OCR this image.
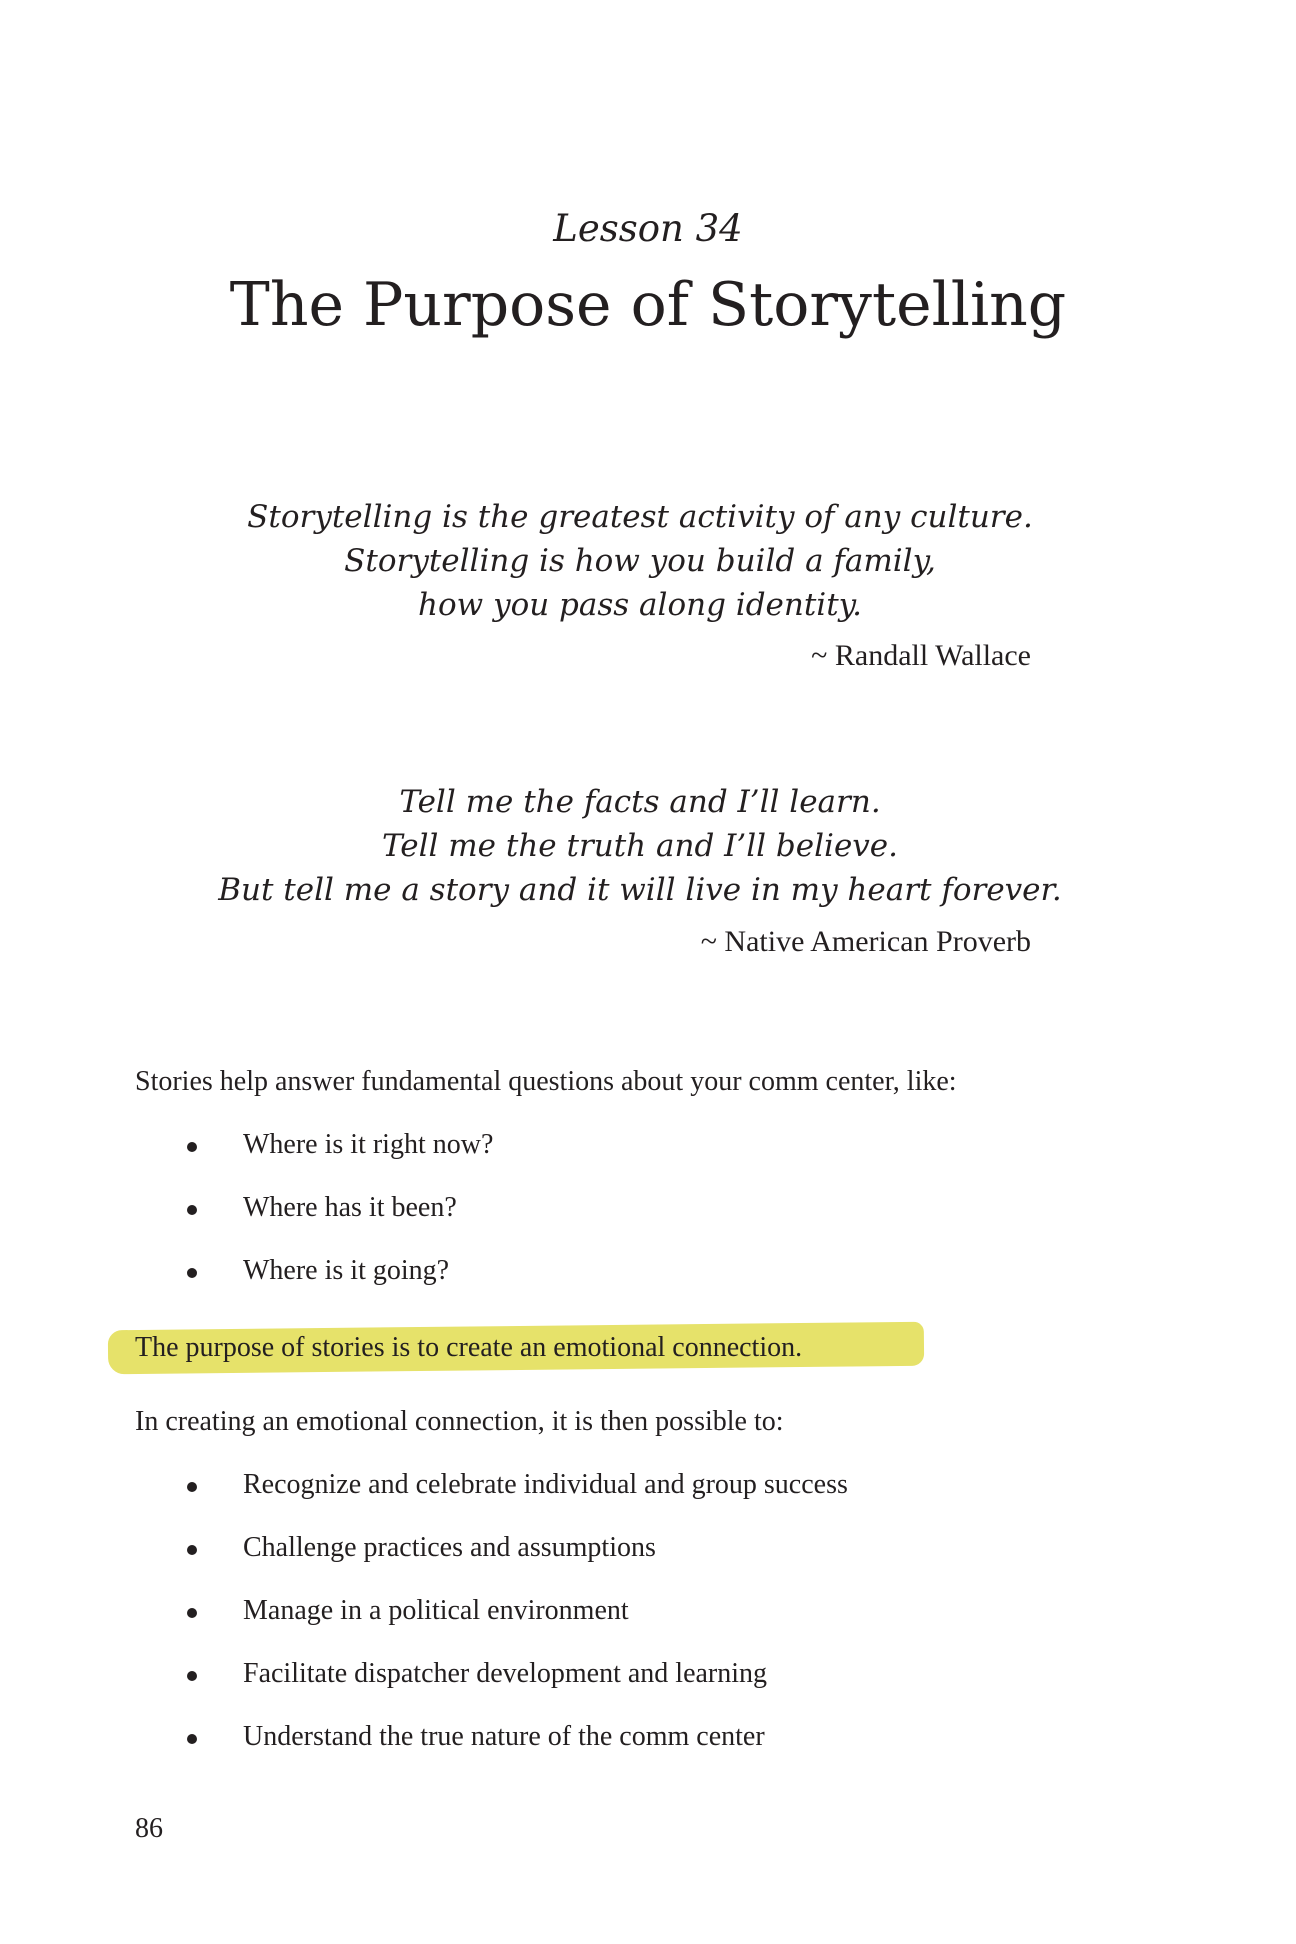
Lesson 34
The Purpose of Storytelling
Storytelling is the greatest activity of any culture.
Storytelling is how you build a family,
how you pass along identity.
~ Randall Wallace
Tell me the facts and I’ll learn.
Tell me the truth and I’ll believe.
But tell me a story and it will live in my heart forever.
~ Native American Proverb
Stories help answer fundamental questions about your comm center, like:
Where is it right now?
Where has it been?
Where is it going?
The purpose of stories is to create an emotional connection.
In creating an emotional connection, it is then possible to:
Recognize and celebrate individual and group success
Challenge practices and assumptions
Manage in a political environment
Facilitate dispatcher development and learning
Understand the true nature of the comm center
86
